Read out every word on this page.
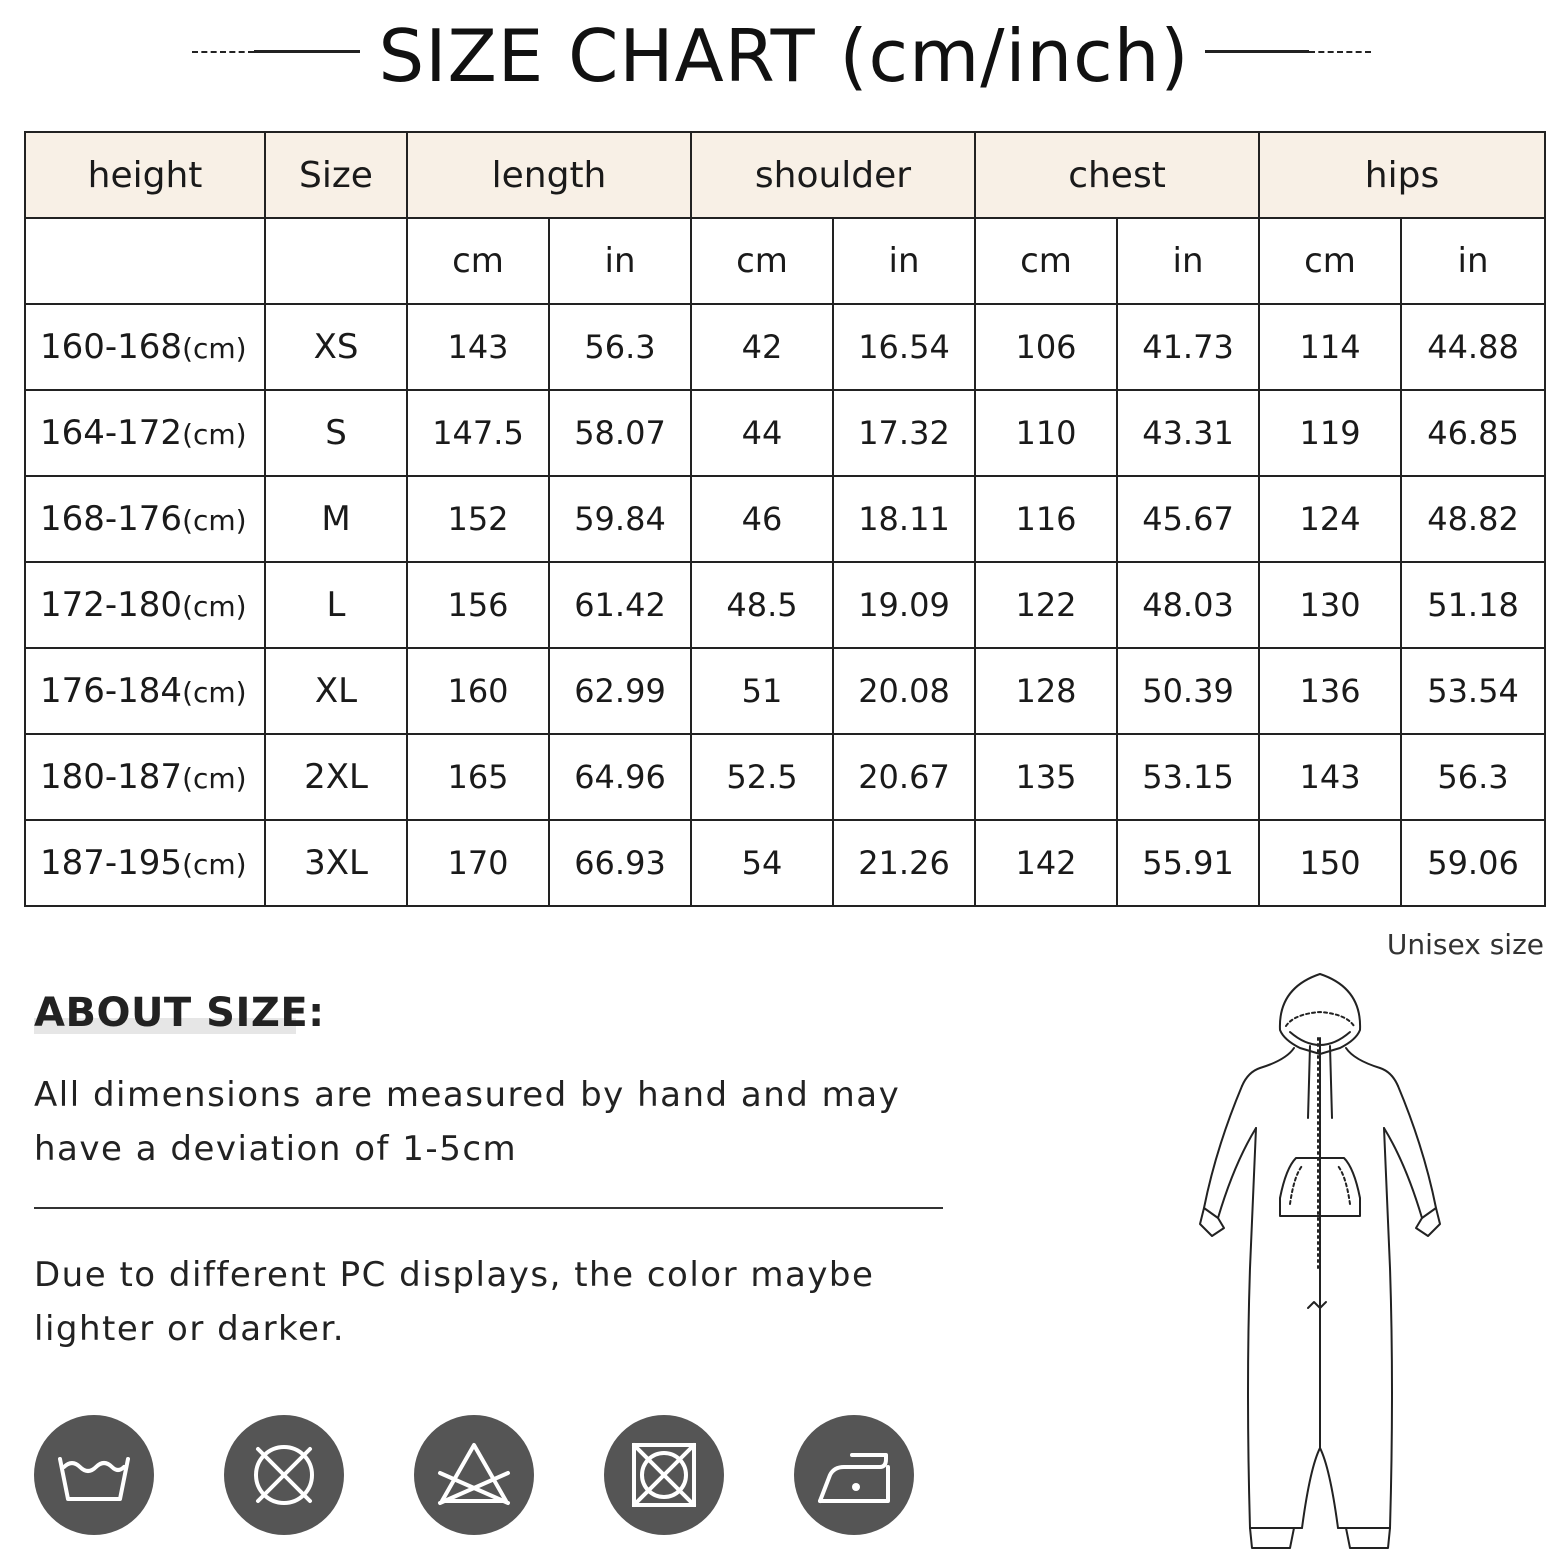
SIZE CHART (cm/inch)
height	Size	length		shoulder		chest		hips	
		cm	in	cm	in	cm	in	cm	in
160-168(cm)	XS	143	56.3	42	16.54	106	41.73	114	44.88
164-172(cm)	S	147.5	58.07	44	17.32	110	43.31	119	46.85
168-176(cm)	M	152	59.84	46	18.11	116	45.67	124	48.82
172-180(cm)	L	156	61.42	48.5	19.09	122	48.03	130	51.18
176-184(cm)	XL	160	62.99	51	20.08	128	50.39	136	53.54
180-187(cm)	2XL	165	64.96	52.5	20.67	135	53.15	143	56.3
187-195(cm)	3XL	170	66.93	54	21.26	142	55.91	150	59.06
Unisex size
ABOUT SIZE:
All dimensions are measured by hand and may have a deviation of 1-5cm
Due to different PC displays, the color maybe lighter or darker.
